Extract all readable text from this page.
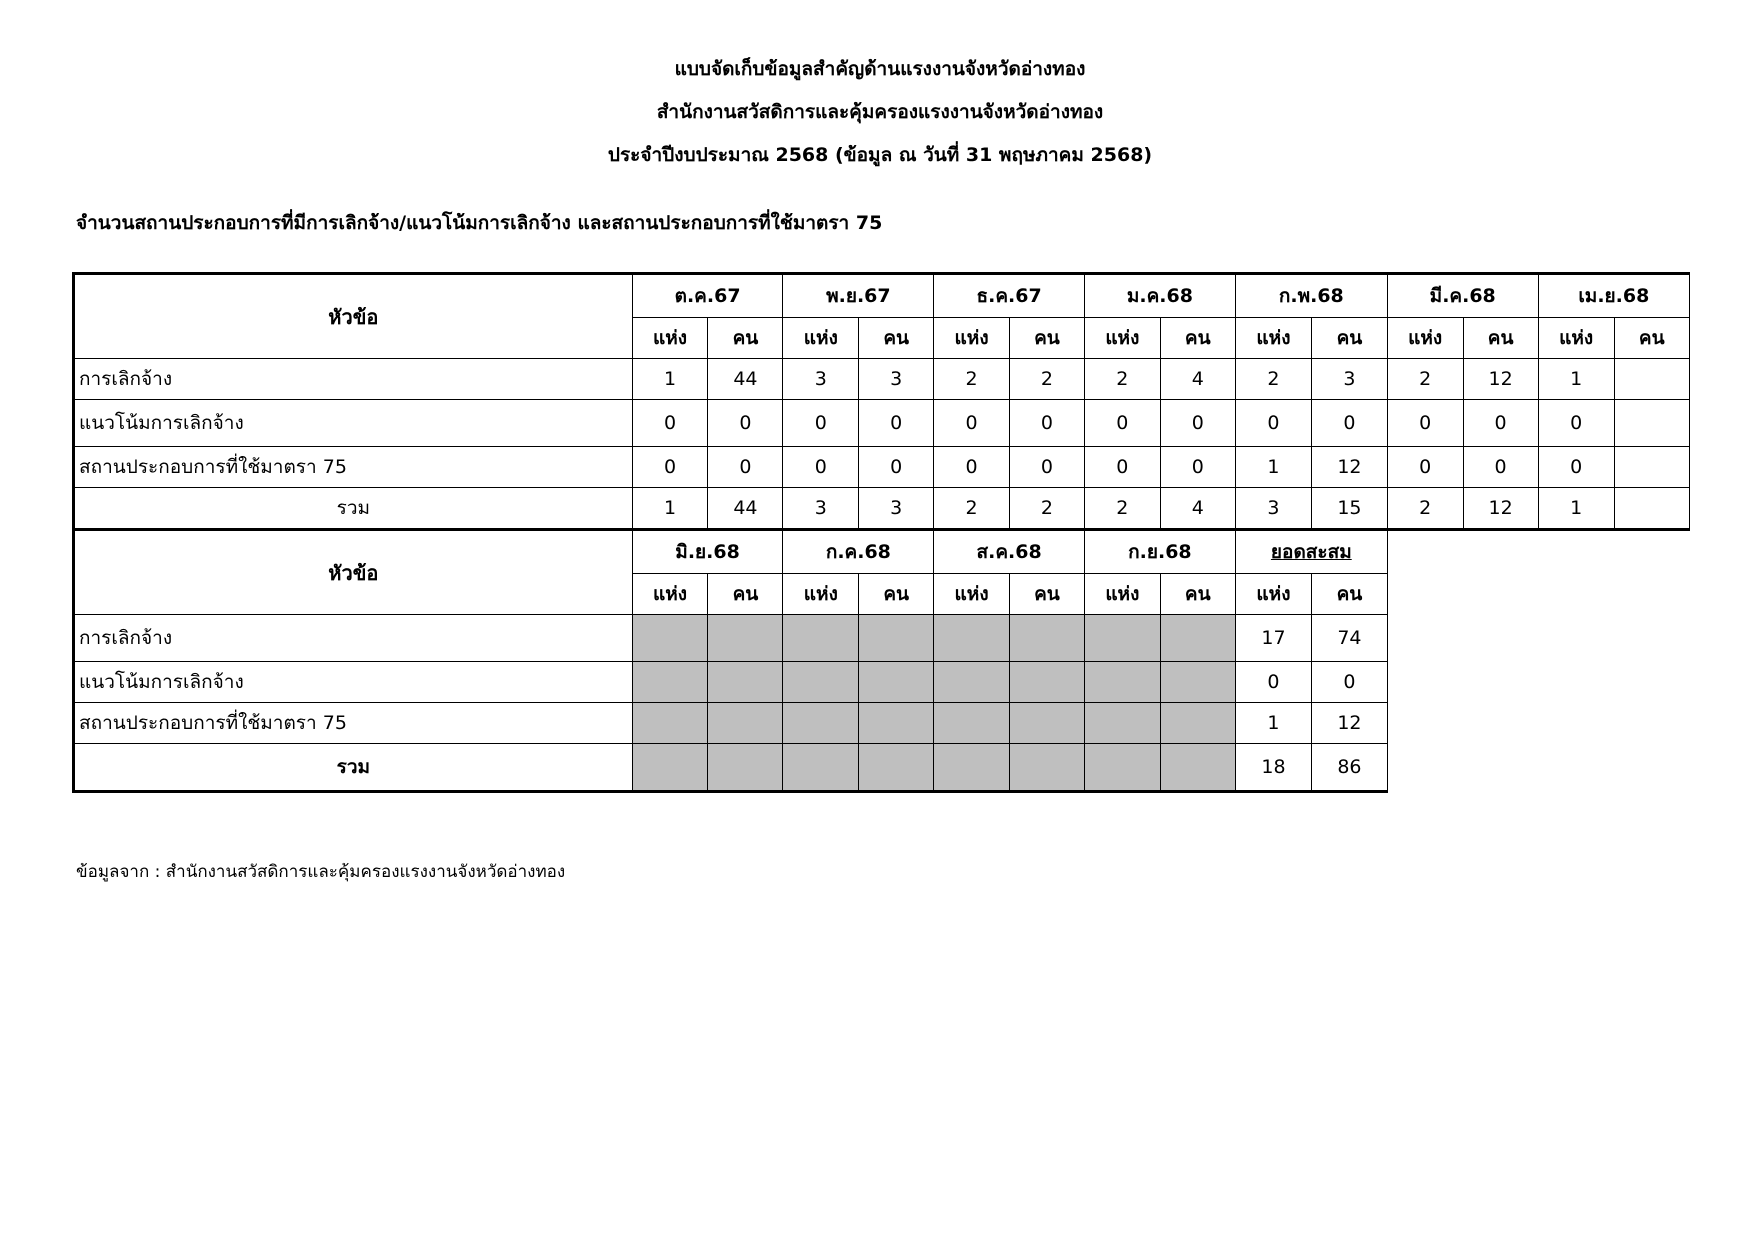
แบบจัดเก็บข้อมูลสำคัญด้านแรงงานจังหวัดอ่างทอง
สำนักงานสวัสดิการและคุ้มครองแรงงานจังหวัดอ่างทอง
ประจำปีงบประมาณ 2568 (ข้อมูล ณ วันที่ 31 พฤษภาคม 2568)
จำนวนสถานประกอบการที่มีการเลิกจ้าง/แนวโน้มการเลิกจ้าง และสถานประกอบการที่ใช้มาตรา 75
หัวข้อ	ต.ค.67		พ.ย.67		ธ.ค.67		ม.ค.68		ก.พ.68		มี.ค.68		เม.ย.68	
	แห่ง	คน	แห่ง	คน	แห่ง	คน	แห่ง	คน	แห่ง	คน	แห่ง	คน	แห่ง	คน
การเลิกจ้าง	1	44	3	3	2	2	2	4	2	3	2	12	1	
แนวโน้มการเลิกจ้าง	0	0	0	0	0	0	0	0	0	0	0	0	0	
สถานประกอบการที่ใช้มาตรา 75	0	0	0	0	0	0	0	0	1	12	0	0	0	
รวม	1	44	3	3	2	2	2	4	3	15	2	12	1	
หัวข้อ	มิ.ย.68		ก.ค.68		ส.ค.68		ก.ย.68		ยอดสะสม					
	แห่ง	คน	แห่ง	คน	แห่ง	คน	แห่ง	คน	แห่ง	คน				
การเลิกจ้าง									17	74				
แนวโน้มการเลิกจ้าง									0	0				
สถานประกอบการที่ใช้มาตรา 75									1	12				
รวม									18	86				
ข้อมูลจาก : สำนักงานสวัสดิการและคุ้มครองแรงงานจังหวัดอ่างทอง
